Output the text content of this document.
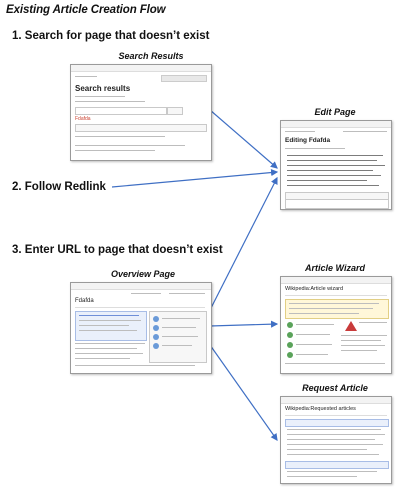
Existing Article Creation Flow
1. Search for page that doesn’t exist
2. Follow Redlink
3. Enter URL to page that doesn’t exist
Search Results
Edit Page
Overview Page
Article Wizard
Request Article
Search results
Fdafda
Editing Fdafda
Fdafda
Wikipedia:Article wizard
Wikipedia:Requested articles
